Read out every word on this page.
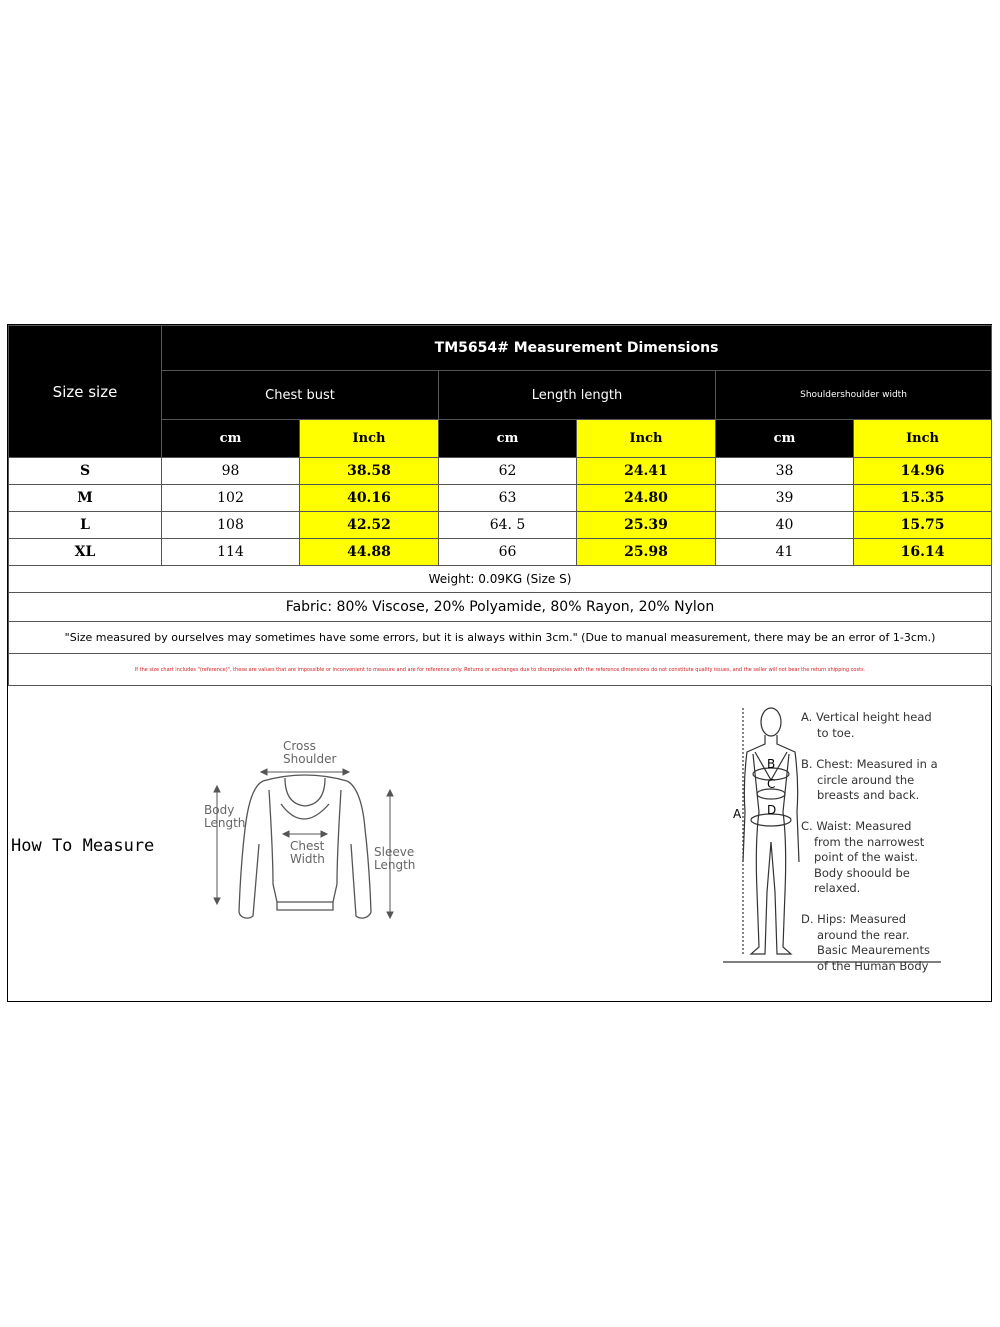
Size size	TM5654# Measurement Dimensions					
	Chest bust		Length length		Shouldershoulder width	
	cm	Inch	cm	Inch	cm	Inch
S	98	38.58	62	24.41	38	14.96
M	102	40.16	63	24.80	39	15.35
L	108	42.52	64. 5	25.39	40	15.75
XL	114	44.88	66	25.98	41	16.14
Weight: 0.09KG (Size S)						
Fabric: 80% Viscose, 20% Polyamide, 80% Rayon, 20% Nylon						
"Size measured by ourselves may sometimes have some errors, but it is always within 3cm." (Due to manual measurement, there may be an error of 1-3cm.)						
If the size chart includes "(reference)", these are values that are impossible or inconvenient to measure and are for reference only. Returns or exchanges due to discrepancies with the reference dimensions do not constitute quality issues, and the seller will not bear the return shipping costs.						
How To Measure
Cross
Shoulder
Body
Length
Chest
Width	Sleeve
Length
A
B
C
D
A. Vertical height head
to toe.
B. Chest: Measured in a
circle around the
breasts and back.
C. Waist: Measured
from the narrowest
point of the waist.
Body shoould be
relaxed.
D. Hips: Measured
around the rear.
Basic Meaurements
of the Human Body
